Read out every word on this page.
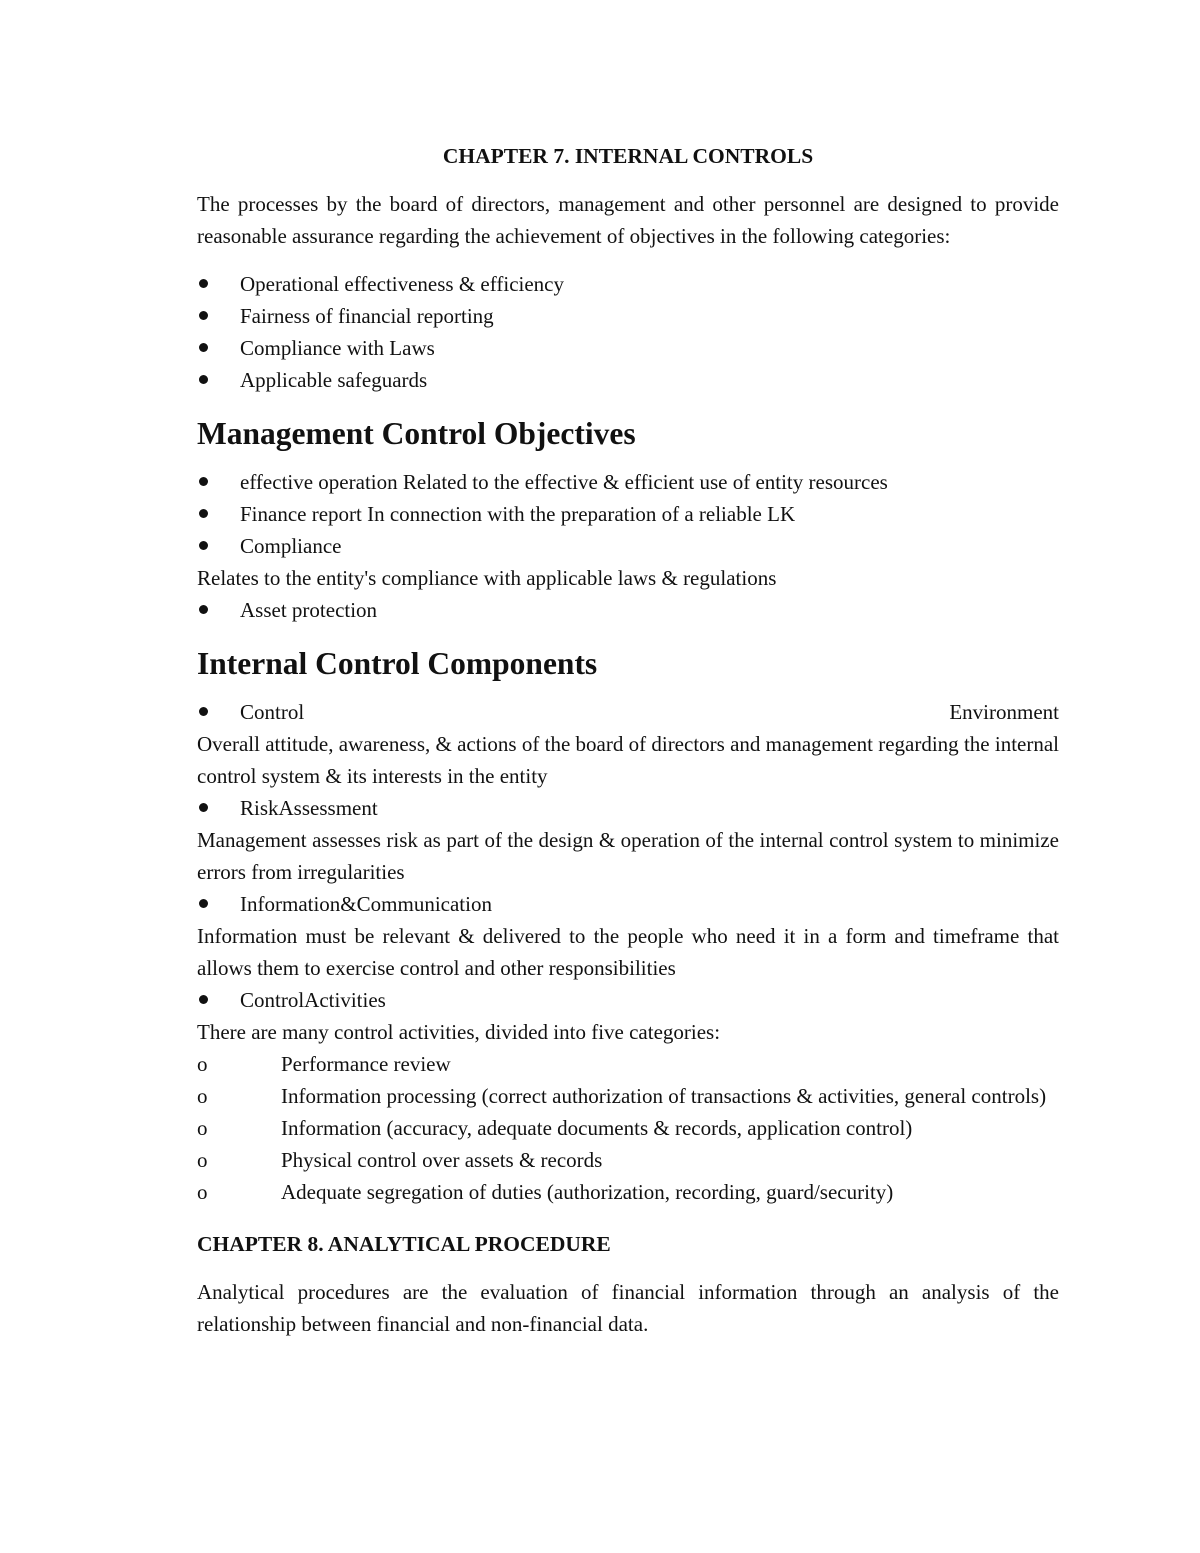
CHAPTER 7. INTERNAL CONTROLS

The processes by the board of directors, management and other personnel are designed to provide reasonable assurance regarding the achievement of objectives in the following categories:

Operational effectiveness & efficiency
Fairness of financial reporting
Compliance with Laws
Applicable safeguards
Management Control Objectives
effective operation Related to the effective & efficient use of entity resources
Finance report In connection with the preparation of a reliable LK
Compliance

Relates to the entity's compliance with applicable laws & regulations

Asset protection
Internal Control Components
Control	Environment

Overall attitude, awareness, & actions of the board of directors and management regarding the internal control system & its interests in the entity

RiskAssessment

Management assesses risk as part of the design & operation of the internal control system to minimize errors from irregularities

Information&Communication

Information must be relevant & delivered to the people who need it in a form and timeframe that allows them to exercise control and other responsibilities

ControlActivities

There are many control activities, divided into five categories:

o	Performance review
o	Information processing (correct authorization of transactions & activities, general controls)
o	Information (accuracy, adequate documents & records, application control)
o	Physical control over assets & records
o	Adequate segregation of duties (authorization, recording, guard/security)
CHAPTER 8. ANALYTICAL PROCEDURE

Analytical procedures are the evaluation of financial information through an analysis of the relationship between financial and non-financial data.
